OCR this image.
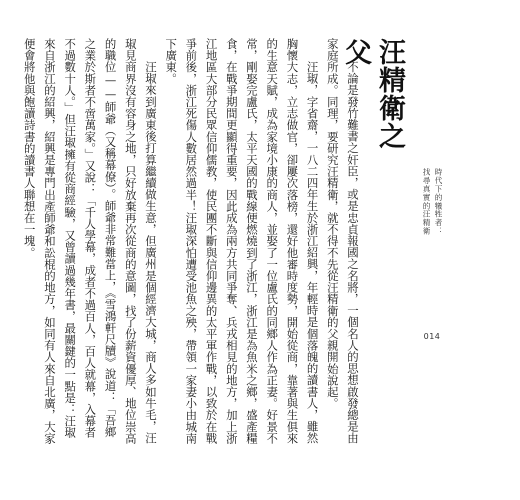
汪精衛之父

不論是發竹難書之奸臣，或是忠貞報國之名將，一個名人的思想啟發總是由家庭所成。同理，要研究汪精衛，就不得不先從汪精衛的父親開始說起。

汪琡，字省齋，一八二四年生於浙江紹興，年輕時是個落魄的讀書人，雖然胸懷大志，立志做官，卻屢次落榜，還好他審時度勢，開始從商，靠著與生俱來的生意天賦，成為家境小康的商人，並娶了一位盧氏的同鄉人作為正妻。好景不常，剛娶完盧氏，太平天國的戰線便燃燒到了浙江，浙江是為魚米之鄉，盛產糧食，在戰爭期間更顯得重要，因此成為兩方共同爭奪、兵戎相見的地方，加上浙江地區大部分民眾信仰儒教，使民團不斷與信仰邊異的太平軍作戰，以致於在戰爭前後，浙江死傷人數居然過半！汪琡深怕遭受池魚之殃，帶領一家妻小由城南下廣東。

汪琡來到廣東後打算繼續做生意，但廣州是個經濟大城，商人多如牛毛，汪琡見商界沒有容身之地，只好放棄再次從商的意圖，找了份薪資優厚、地位崇高的職位——師爺（又稱幕僚）。師爺非常難當上，《雪鴻軒尺牘》說道：「吾鄉之業於斯者不啻萬家。」又說：「千人學幕，成者不過百人，百人就幕，入幕者不過數十人。」但汪琡擁有從商經驗，又曾讀過幾年書，最關鍵的一點是：汪琡來自浙江的紹興，紹興是專門出產師爺和訟棍的地方，如同有人來自北廣，大家便會將他與飽讀詩書的讀書人聯想在一塊。	時代下的犧牲者：
找尋真實的汪精衛
014
